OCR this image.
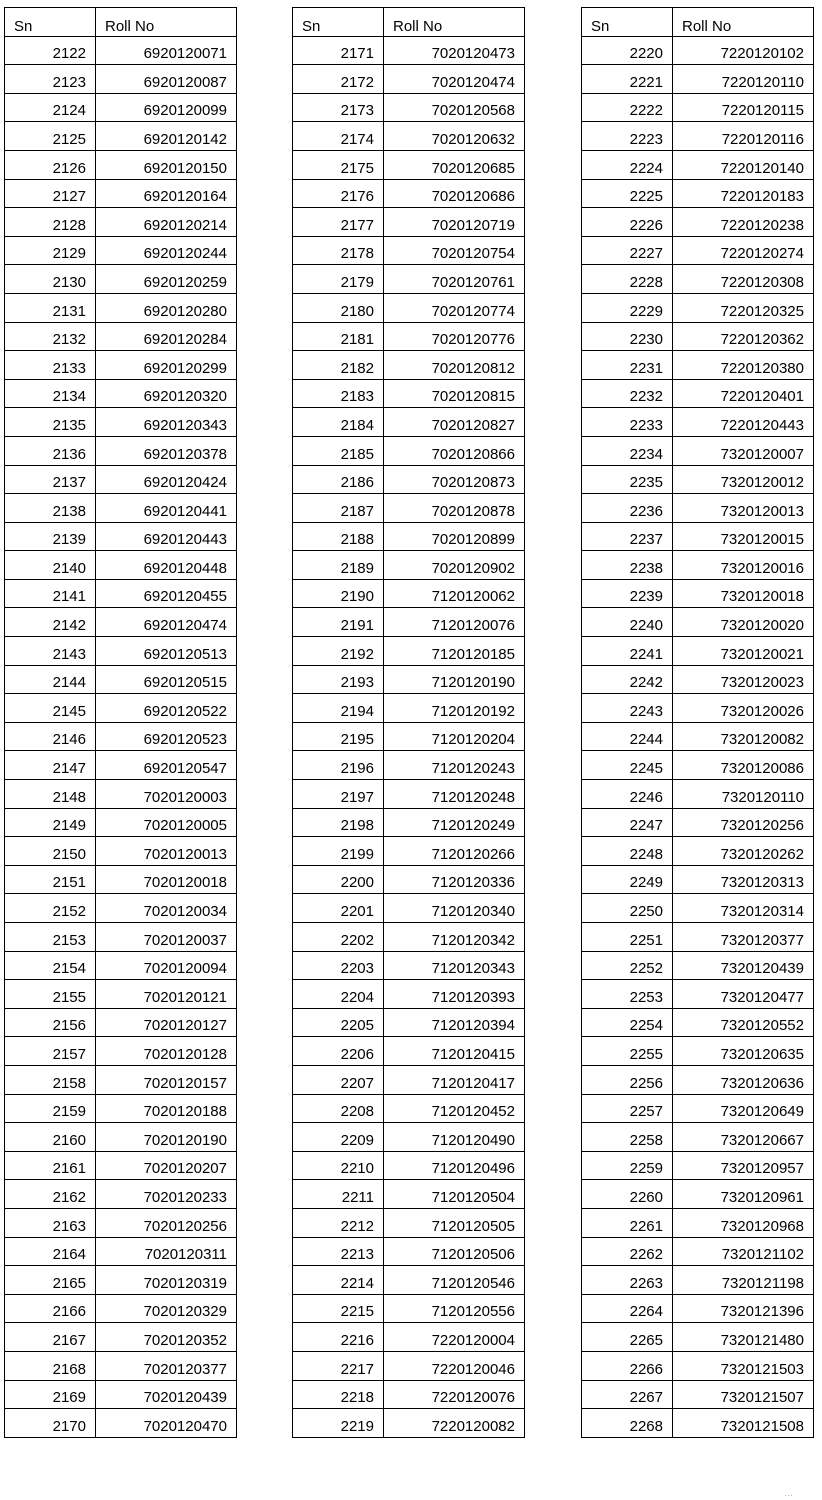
Sn	Roll No
2122	6920120071
2123	6920120087
2124	6920120099
2125	6920120142
2126	6920120150
2127	6920120164
2128	6920120214
2129	6920120244
2130	6920120259
2131	6920120280
2132	6920120284
2133	6920120299
2134	6920120320
2135	6920120343
2136	6920120378
2137	6920120424
2138	6920120441
2139	6920120443
2140	6920120448
2141	6920120455
2142	6920120474
2143	6920120513
2144	6920120515
2145	6920120522
2146	6920120523
2147	6920120547
2148	7020120003
2149	7020120005
2150	7020120013
2151	7020120018
2152	7020120034
2153	7020120037
2154	7020120094
2155	7020120121
2156	7020120127
2157	7020120128
2158	7020120157
2159	7020120188
2160	7020120190
2161	7020120207
2162	7020120233
2163	7020120256
2164	7020120311
2165	7020120319
2166	7020120329
2167	7020120352
2168	7020120377
2169	7020120439
2170	7020120470
Sn	Roll No
2171	7020120473
2172	7020120474
2173	7020120568
2174	7020120632
2175	7020120685
2176	7020120686
2177	7020120719
2178	7020120754
2179	7020120761
2180	7020120774
2181	7020120776
2182	7020120812
2183	7020120815
2184	7020120827
2185	7020120866
2186	7020120873
2187	7020120878
2188	7020120899
2189	7020120902
2190	7120120062
2191	7120120076
2192	7120120185
2193	7120120190
2194	7120120192
2195	7120120204
2196	7120120243
2197	7120120248
2198	7120120249
2199	7120120266
2200	7120120336
2201	7120120340
2202	7120120342
2203	7120120343
2204	7120120393
2205	7120120394
2206	7120120415
2207	7120120417
2208	7120120452
2209	7120120490
2210	7120120496
2211	7120120504
2212	7120120505
2213	7120120506
2214	7120120546
2215	7120120556
2216	7220120004
2217	7220120046
2218	7220120076
2219	7220120082
Sn	Roll No
2220	7220120102
2221	7220120110
2222	7220120115
2223	7220120116
2224	7220120140
2225	7220120183
2226	7220120238
2227	7220120274
2228	7220120308
2229	7220120325
2230	7220120362
2231	7220120380
2232	7220120401
2233	7220120443
2234	7320120007
2235	7320120012
2236	7320120013
2237	7320120015
2238	7320120016
2239	7320120018
2240	7320120020
2241	7320120021
2242	7320120023
2243	7320120026
2244	7320120082
2245	7320120086
2246	7320120110
2247	7320120256
2248	7320120262
2249	7320120313
2250	7320120314
2251	7320120377
2252	7320120439
2253	7320120477
2254	7320120552
2255	7320120635
2256	7320120636
2257	7320120649
2258	7320120667
2259	7320120957
2260	7320120961
2261	7320120968
2262	7320121102
2263	7320121198
2264	7320121396
2265	7320121480
2266	7320121503
2267	7320121507
2268	7320121508
…
